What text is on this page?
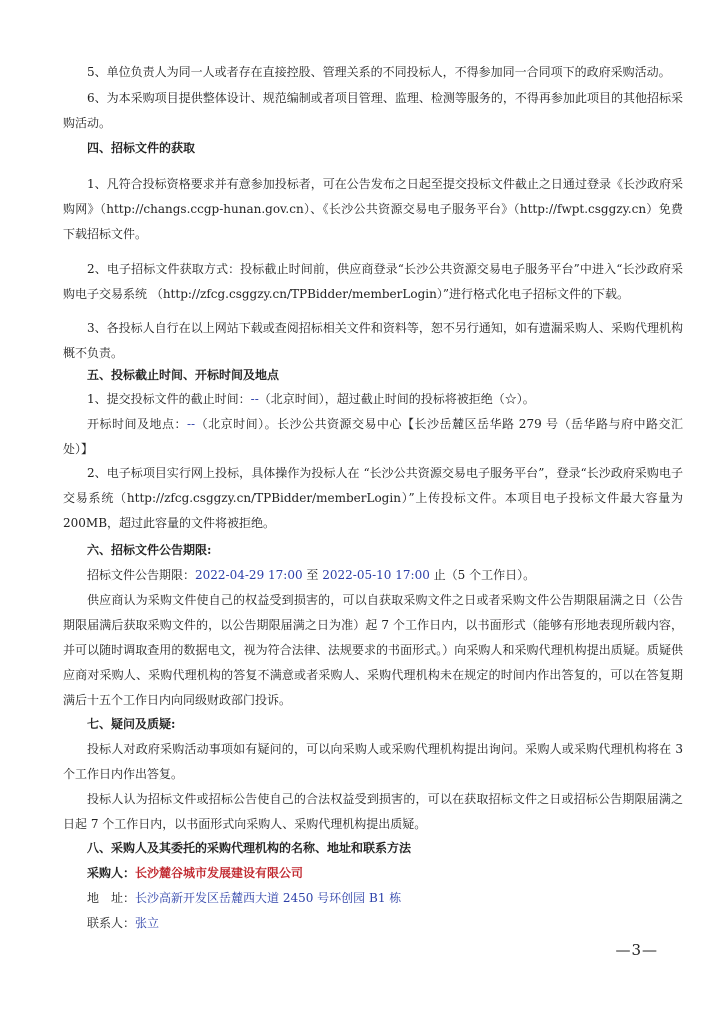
5、单位负责人为同一人或者存在直接控股、管理关系的不同投标人，不得参加同一合同项下的政府采购活动。

6、为本采购项目提供整体设计、规范编制或者项目管理、监理、检测等服务的，不得再参加此项目的其他招标采购活动。

四、招标文件的获取

1、凡符合投标资格要求并有意参加投标者，可在公告发布之日起至提交投标文件截止之日通过登录《长沙政府采购网》（http://changs.ccgp-hunan.gov.cn）、《长沙公共资源交易电子服务平台》（http://fwpt.csggzy.cn）免费下载招标文件。

2、电子招标文件获取方式：投标截止时间前，供应商登录“长沙公共资源交易电子服务平台”中进入“长沙政府采购电子交易系统 （http://zfcg.csggzy.cn/TPBidder/memberLogin）”进行格式化电子招标文件的下载。

3、各投标人自行在以上网站下载或查阅招标相关文件和资料等，恕不另行通知，如有遗漏采购人、采购代理机构概不负责。

五、投标截止时间、开标时间及地点

1、提交投标文件的截止时间：--（北京时间），超过截止时间的投标将被拒绝（☆）。

开标时间及地点：--（北京时间）。长沙公共资源交易中心【长沙岳麓区岳华路 279 号（岳华路与府中路交汇处）】

2、电子标项目实行网上投标，具体操作为投标人在 “长沙公共资源交易电子服务平台”，登录“长沙政府采购电子交易系统（http://zfcg.csggzy.cn/TPBidder/memberLogin）”上传投标文件。本项目电子投标文件最大容量为 200MB，超过此容量的文件将被拒绝。

六、招标文件公告期限:

招标文件公告期限：2022-04-29 17:00 至 2022-05-10 17:00 止（5 个工作日）。

供应商认为采购文件使自己的权益受到损害的，可以自获取采购文件之日或者采购文件公告期限届满之日（公告期限届满后获取采购文件的，以公告期限届满之日为准）起 7 个工作日内，以书面形式（能够有形地表现所载内容，并可以随时调取查用的数据电文，视为符合法律、法规要求的书面形式。）向采购人和采购代理机构提出质疑。质疑供应商对采购人、采购代理机构的答复不满意或者采购人、采购代理机构未在规定的时间内作出答复的，可以在答复期满后十五个工作日内向同级财政部门投诉。

七、疑问及质疑:

投标人对政府采购活动事项如有疑问的，可以向采购人或采购代理机构提出询问。采购人或采购代理机构将在 3 个工作日内作出答复。

投标人认为招标文件或招标公告使自己的合法权益受到损害的，可以在获取招标文件之日或招标公告期限届满之日起 7 个工作日内，以书面形式向采购人、采购代理机构提出质疑。

八、采购人及其委托的采购代理机构的名称、地址和联系方法

采购人：长沙麓谷城市发展建设有限公司

地　址：长沙高新开发区岳麓西大道 2450 号环创园 B1 栋

联系人：张立

—3—
